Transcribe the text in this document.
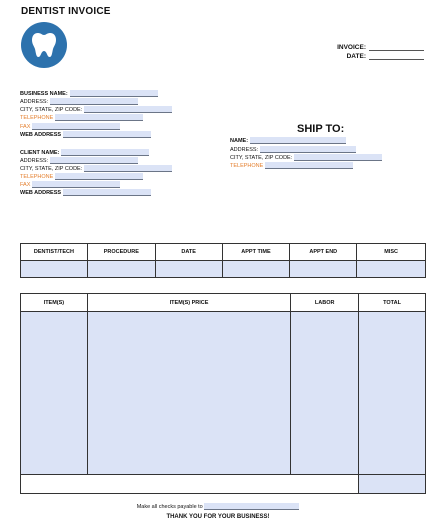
DENTIST INVOICE
INVOICE:
DATE:
BUSINESS NAME:
ADDRESS:
CITY, STATE, ZIP CODE:
TELEPHONE
FAX
WEB ADDRESS
CLIENT NAME:
ADDRESS:
CITY, STATE, ZIP CODE:
TELEPHONE
FAX
WEB ADDRESS
SHIP TO:
NAME:
ADDRESS:
CITY, STATE, ZIP CODE:
TELEPHONE
DENTIST/TECH	PROCEDURE	DATE	APPT TIME	APPT END	MISC

ITEM(S)	ITEM(S) PRICE	LABOR	TOTAL

Make all checks payable to
THANK YOU FOR YOUR BUSINESS!
